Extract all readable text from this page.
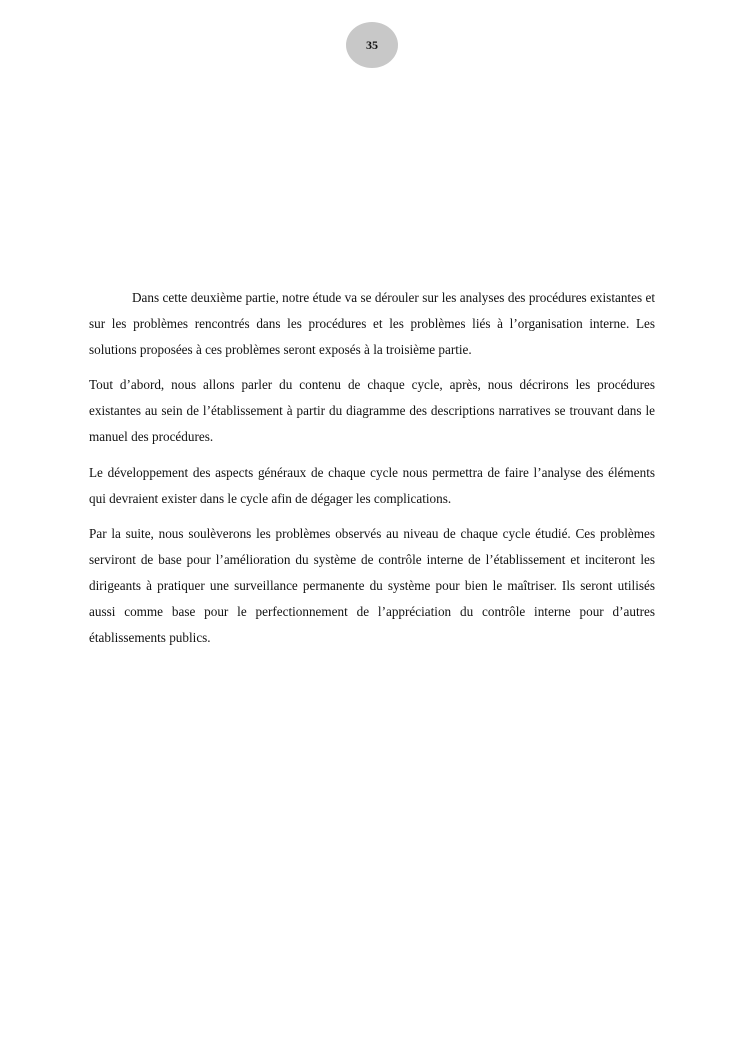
35

Dans cette deuxième partie, notre étude va se dérouler sur les analyses des procédures existantes et sur les problèmes rencontrés dans les procédures et les problèmes liés à l’organisation interne. Les solutions proposées à ces problèmes seront exposés à la troisième partie.

Tout d’abord, nous allons parler du contenu de chaque cycle, après, nous décrirons les procédures existantes au sein de l’établissement à partir du diagramme des descriptions narratives se trouvant dans le manuel des procédures.

Le développement des aspects généraux de chaque cycle nous permettra de faire l’analyse des éléments qui devraient exister dans le cycle afin de dégager les complications.

Par la suite, nous soulèverons les problèmes observés au niveau de chaque cycle étudié. Ces problèmes serviront de base pour l’amélioration du système de contrôle interne de l’établissement et inciteront les dirigeants à pratiquer une surveillance permanente du système pour bien le maîtriser. Ils seront utilisés aussi comme base pour le perfectionnement de l’appréciation du contrôle interne pour d’autres établissements publics.
